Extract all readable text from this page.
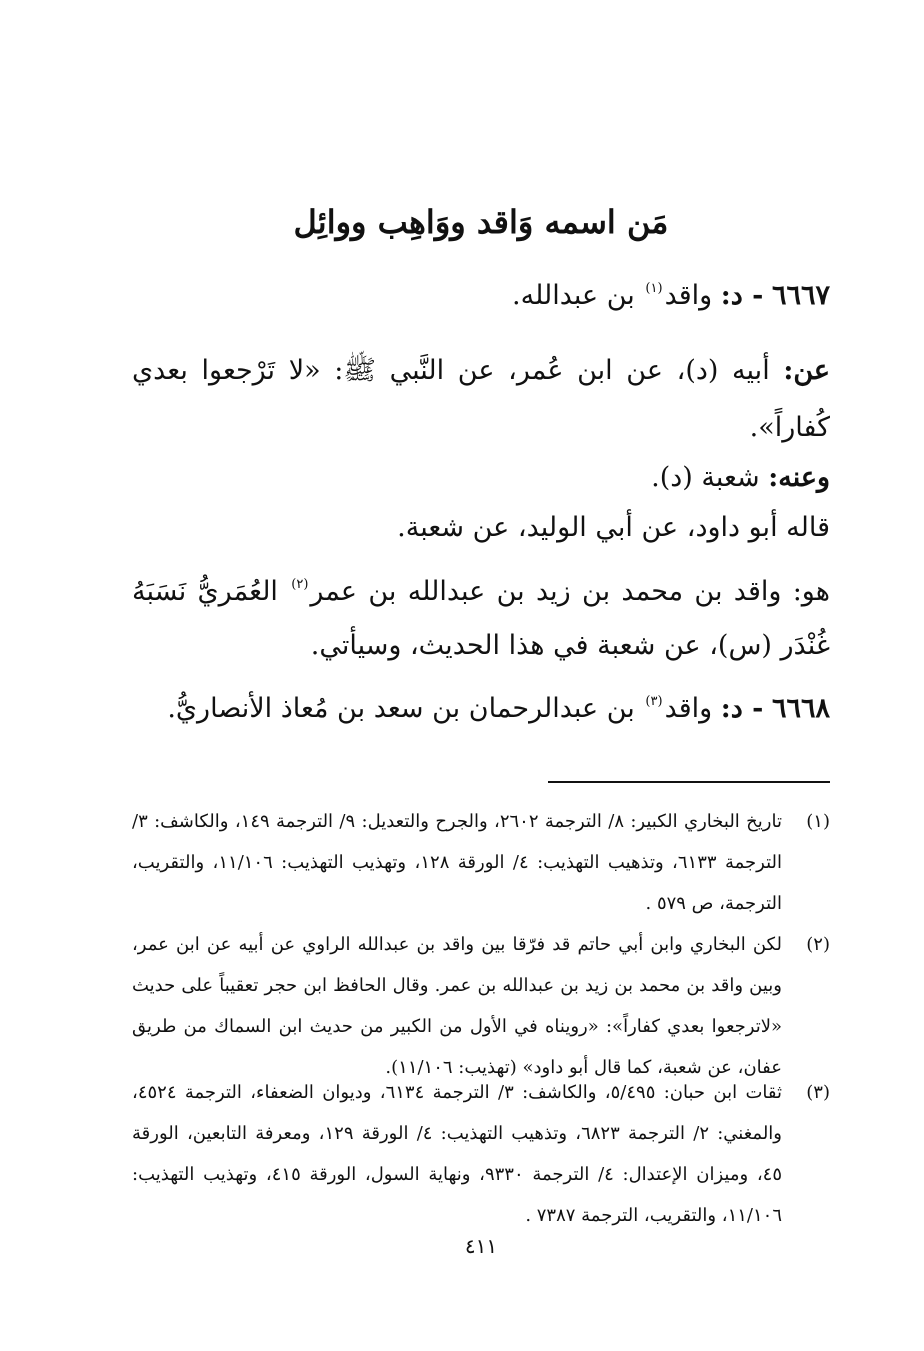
مَن اسمه وَاقد ووَاهِب ووائِل
٦٦٦٧ - د: واقد$^{(١)}$ بن عبدالله.
عن: أبيه (د)، عن ابن عُمر، عن النَّبي ﷺ: «لا تَرْجعوا بعدي كُفاراً».
وعنه: شعبة (د).
قاله أبو داود، عن أبي الوليد، عن شعبة.
هو: واقد بن محمد بن زيد بن عبدالله بن عمر$^{(٢)}$ العُمَريُّ نَسَبَهُ غُنْدَر (س)، عن شعبة في هذا الحديث، وسيأتي.
٦٦٦٨ - د: واقد$^{(٣)}$ بن عبدالرحمان بن سعد بن مُعاذ الأنصاريُّ.
(١)
تاريخ البخاري الكبير: ٨/ الترجمة ٢٦٠٢، والجرح والتعديل: ٩/ الترجمة ١٤٩، والكاشف: ٣/ الترجمة ٦١٣٣، وتذهيب التهذيب: ٤/ الورقة ١٢٨، وتهذيب التهذيب: ١١/١٠٦، والتقريب، الترجمة، ص ٥٧٩ .
(٢)
لكن البخاري وابن أبي حاتم قد فرّقا بين واقد بن عبدالله الراوي عن أبيه عن ابن عمر، وبين واقد بن محمد بن زيد بن عبدالله بن عمر. وقال الحافظ ابن حجر تعقيباً على حديث «لاترجعوا بعدي كفاراً»: «رويناه في الأول من الكبير من حديث ابن السماك من طريق عفان، عن شعبة، كما قال أبو داود» (تهذيب: ١١/١٠٦).
(٣)
ثقات ابن حبان: ٥/٤٩٥، والكاشف: ٣/ الترجمة ٦١٣٤، وديوان الضعفاء، الترجمة ٤٥٢٤، والمغني: ٢/ الترجمة ٦٨٢٣، وتذهيب التهذيب: ٤/ الورقة ١٢٩، ومعرفة التابعين، الورقة ٤٥، وميزان الإعتدال: ٤/ الترجمة ٩٣٣٠، ونهاية السول، الورقة ٤١٥، وتهذيب التهذيب: ١١/١٠٦، والتقريب، الترجمة ٧٣٨٧ .
٤١١
